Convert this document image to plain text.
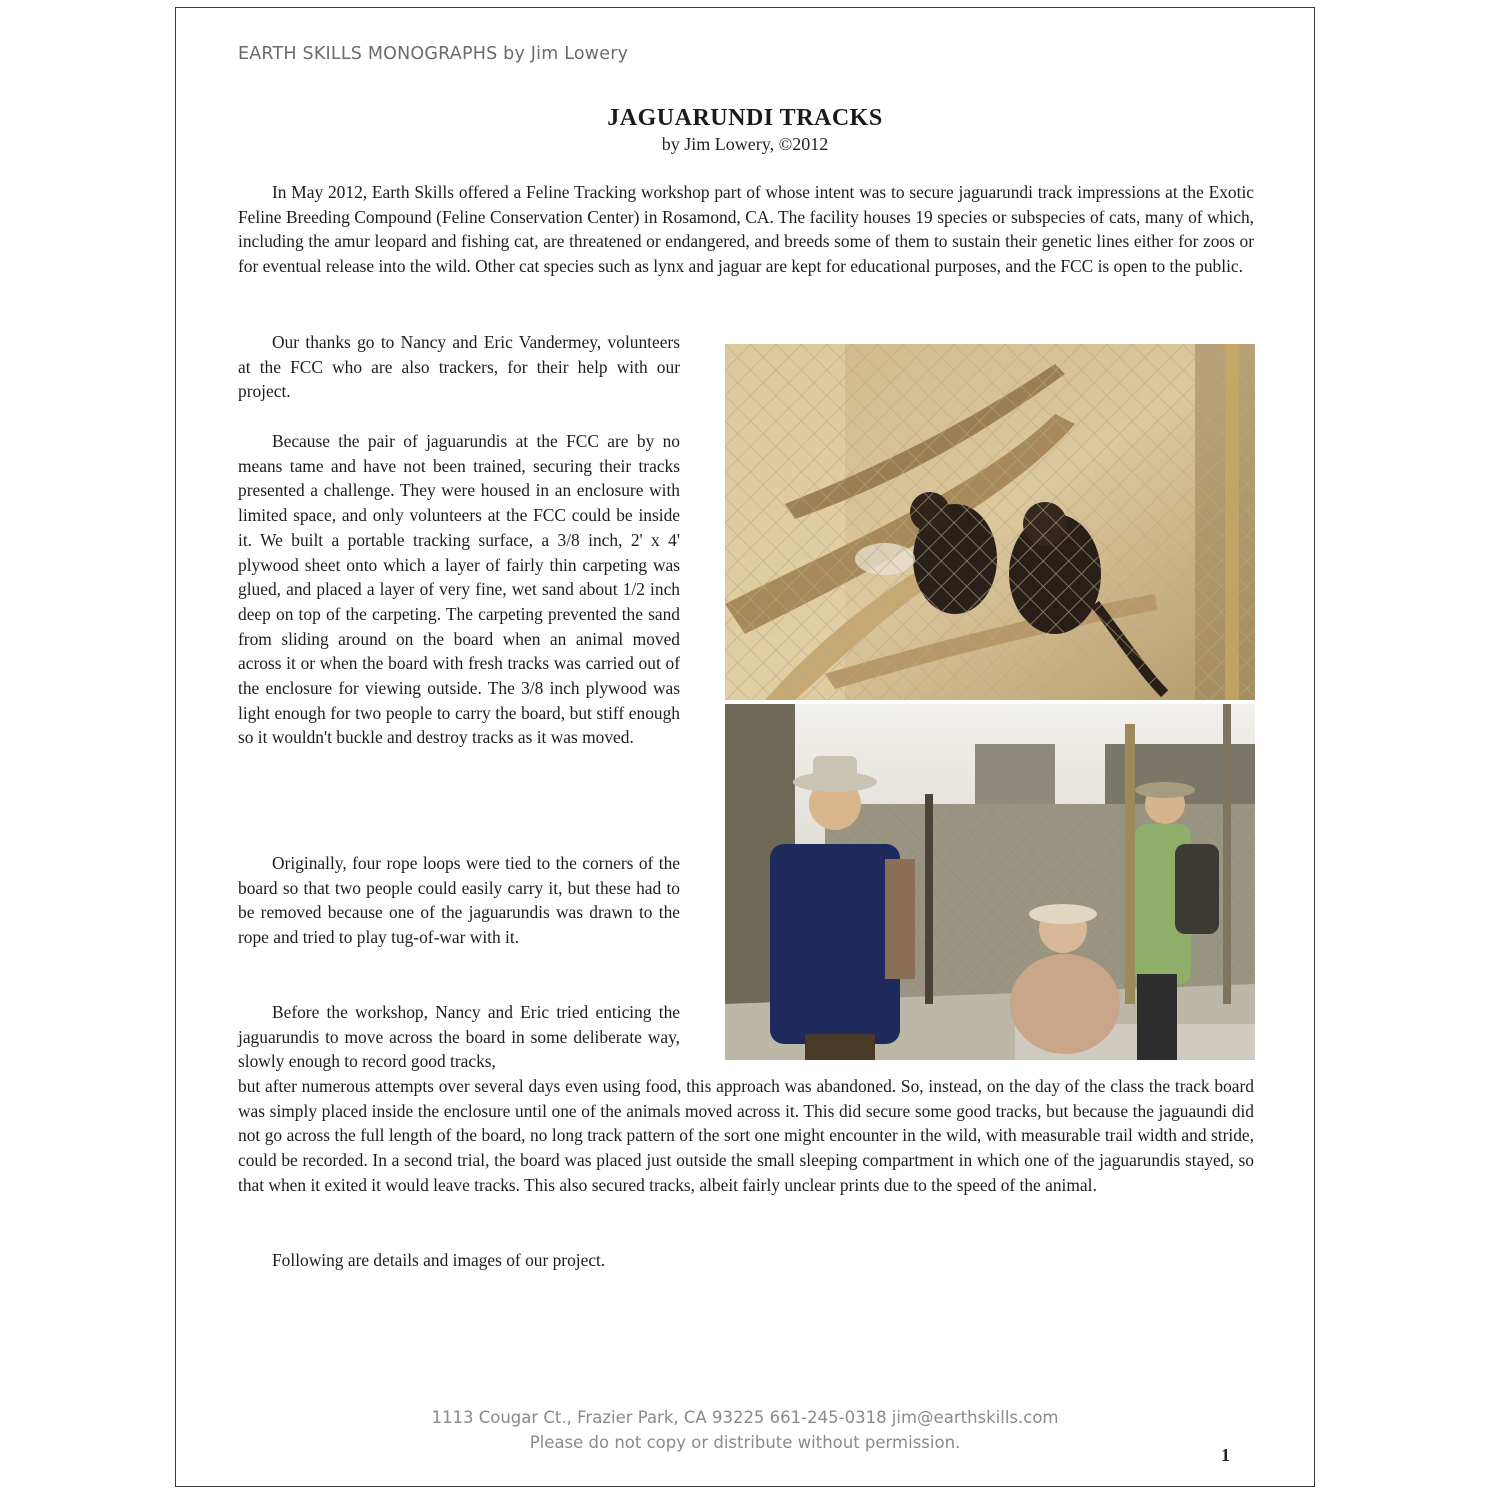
EARTH SKILLS MONOGRAPHS by Jim Lowery
JAGUARUNDI TRACKS
by Jim Lowery, ©2012

In May 2012, Earth Skills offered a Feline Tracking workshop part of whose intent was to secure jaguarundi track impressions at the Exotic Feline Breeding Compound (Feline Conservation Center) in Rosamond, CA. The facility houses 19 species or subspecies of cats, many of which, including the amur leopard and fishing cat, are threatened or endangered, and breeds some of them to sustain their genetic lines either for zoos or for eventual release into the wild. Other cat species such as lynx and jaguar are kept for educational purposes, and the FCC is open to the public.

Our thanks go to Nancy and Eric Vandermey, volunteers at the FCC who are also trackers, for their help with our project.

Because the pair of jaguarundis at the FCC are by no means tame and have not been trained, securing their tracks presented a challenge. They were housed in an enclosure with limited space, and only volunteers at the FCC could be inside it. We built a portable tracking surface, a 3/8 inch, 2' x 4' plywood sheet onto which a layer of fairly thin carpeting was glued, and placed a layer of very fine, wet sand about 1/2 inch deep on top of the carpeting. The carpeting prevented the sand from sliding around on the board when an animal moved across it or when the board with fresh tracks was carried out of the enclosure for viewing outside. The 3/8 inch plywood was light enough for two people to carry the board, but stiff enough so it wouldn't buckle and destroy tracks as it was moved.

Originally, four rope loops were tied to the corners of the board so that two people could easily carry it, but these had to be removed because one of the jaguarundis was drawn to the rope and tried to play tug-of-war with it.

Before the workshop, Nancy and Eric tried enticing the jaguarundis to move across the board in some deliberate way, slowly enough to record good tracks,

but after numerous attempts over several days even using food, this approach was abandoned. So, instead, on the day of the class the track board was simply placed inside the enclosure until one of the animals moved across it. This did secure some good tracks, but because the jaguaundi did not go across the full length of the board, no long track pattern of the sort one might encounter in the wild, with measurable trail width and stride, could be recorded. In a second trial, the board was placed just outside the small sleeping compartment in which one of the jaguarundis stayed, so that when it exited it would leave tracks. This also secured tracks, albeit fairly unclear prints due to the speed of the animal.

Following are details and images of our project.

1113 Cougar Ct., Frazier Park, CA 93225 661-245-0318 jim@earthskills.com
Please do not copy or distribute without permission.
1
